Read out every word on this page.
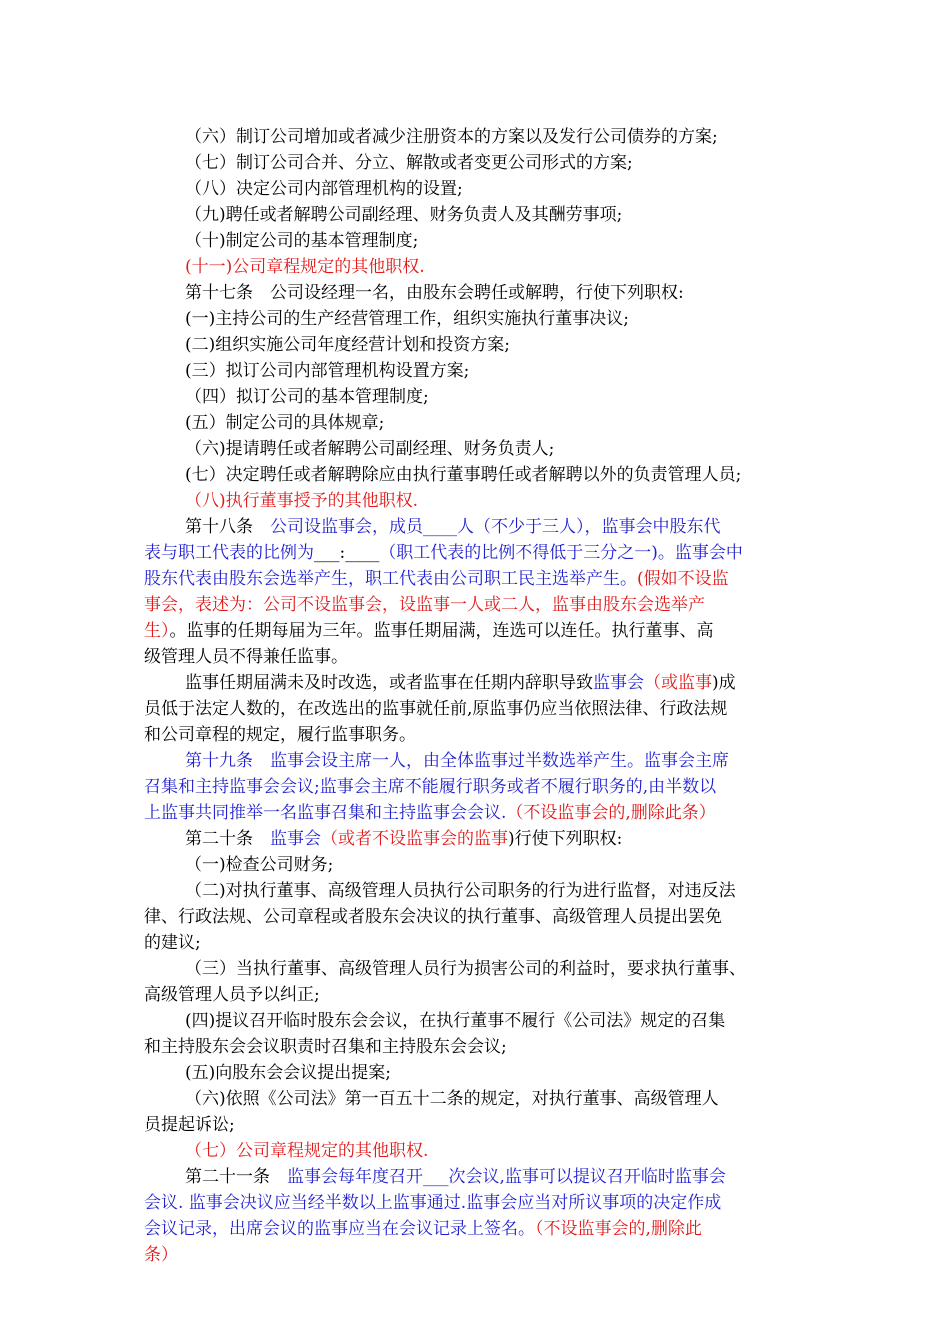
（六）制订公司增加或者减少注册资本的方案以及发行公司债券的方案;
（七）制订公司合并、分立、解散或者变更公司形式的方案;
（八）决定公司内部管理机构的设置;
（九)聘任或者解聘公司副经理、财务负责人及其酬劳事项;
（十)制定公司的基本管理制度;
(十一)公司章程规定的其他职权.
第十七条　公司设经理一名，由股东会聘任或解聘，行使下列职权:
(一)主持公司的生产经营管理工作，组织实施执行董事决议;
(二)组织实施公司年度经营计划和投资方案;
(三）拟订公司内部管理机构设置方案;
（四）拟订公司的基本管理制度;
(五）制定公司的具体规章;
（六)提请聘任或者解聘公司副经理、财务负责人;
(七）决定聘任或者解聘除应由执行董事聘任或者解聘以外的负责管理人员;
（八)执行董事授予的其他职权.
第十八条　公司设监事会，成员____人（不少于三人），监事会中股东代
表与职工代表的比例为___:____（职工代表的比例不得低于三分之一)。监事会中
股东代表由股东会选举产生，职工代表由公司职工民主选举产生。(假如不设监
事会，表述为：公司不设监事会，设监事一人或二人，监事由股东会选举产
生）。监事的任期每届为三年。监事任期届满，连选可以连任。执行董事、高
级管理人员不得兼任监事。
监事任期届满未及时改选，或者监事在任期内辞职导致监事会（或监事)成
员低于法定人数的，在改选出的监事就任前,原监事仍应当依照法律、行政法规
和公司章程的规定，履行监事职务。
第十九条　监事会设主席一人，由全体监事过半数选举产生。监事会主席
召集和主持监事会会议;监事会主席不能履行职务或者不履行职务的,由半数以
上监事共同推举一名监事召集和主持监事会会议.（不设监事会的,删除此条）
第二十条　监事会（或者不设监事会的监事)行使下列职权:
（一)检查公司财务;
（二)对执行董事、高级管理人员执行公司职务的行为进行监督，对违反法
律、行政法规、公司章程或者股东会决议的执行董事、高级管理人员提出罢免
的建议;
（三）当执行董事、高级管理人员行为损害公司的利益时，要求执行董事、
高级管理人员予以纠正;
(四)提议召开临时股东会会议，在执行董事不履行《公司法》规定的召集
和主持股东会会议职责时召集和主持股东会会议;
(五)向股东会会议提出提案;
（六)依照《公司法》第一百五十二条的规定，对执行董事、高级管理人
员提起诉讼;
（七）公司章程规定的其他职权.
第二十一条　监事会每年度召开___次会议,监事可以提议召开临时监事会
会议. 监事会决议应当经半数以上监事通过.监事会应当对所议事项的决定作成
会议记录，出席会议的监事应当在会议记录上签名。（不设监事会的,删除此
条）
